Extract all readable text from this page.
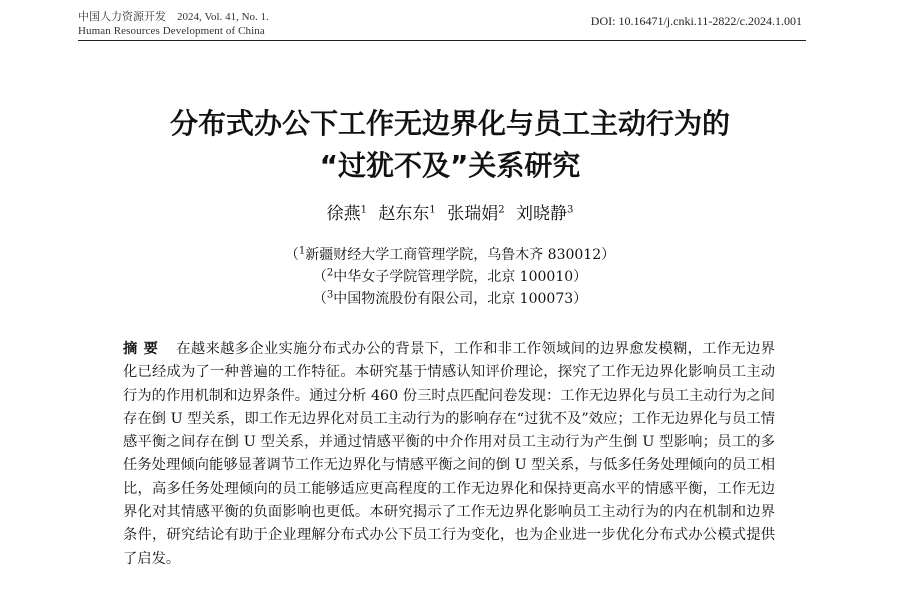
中国人力资源开发　2024, Vol. 41, No. 1.
Human Resources Development of China
DOI: 10.16471/j.cnki.11-2822/c.2024.1.001
分布式办公下工作无边界化与员工主动行为的
“过犹不及”关系研究
徐燕$^1$ 赵东东$^1$ 张瑞娟$^2$ 刘晓静$^3$
（$^1$新疆财经大学工商管理学院，乌鲁木齐 830012）
（$^2$中华女子学院管理学院，北京 100010）
（$^3$中国物流股份有限公司，北京 100073）
摘要 在越来越多企业实施分布式办公的背景下，工作和非工作领域间的边界愈发模糊，工作无边界化已经成为了一种普遍的工作特征。本研究基于情感认知评价理论，探究了工作无边界化影响员工主动行为的作用机制和边界条件。通过分析 460 份三时点匹配问卷发现：工作无边界化与员工主动行为之间存在倒 U 型关系，即工作无边界化对员工主动行为的影响存在“过犹不及”效应；工作无边界化与员工情感平衡之间存在倒 U 型关系，并通过情感平衡的中介作用对员工主动行为产生倒 U 型影响；员工的多任务处理倾向能够显著调节工作无边界化与情感平衡之间的倒 U 型关系，与低多任务处理倾向的员工相比，高多任务处理倾向的员工能够适应更高程度的工作无边界化和保持更高水平的情感平衡，工作无边界化对其情感平衡的负面影响也更低。本研究揭示了工作无边界化影响员工主动行为的内在机制和边界条件，研究结论有助于企业理解分布式办公下员工行为变化，也为企业进一步优化分布式办公模式提供了启发。
